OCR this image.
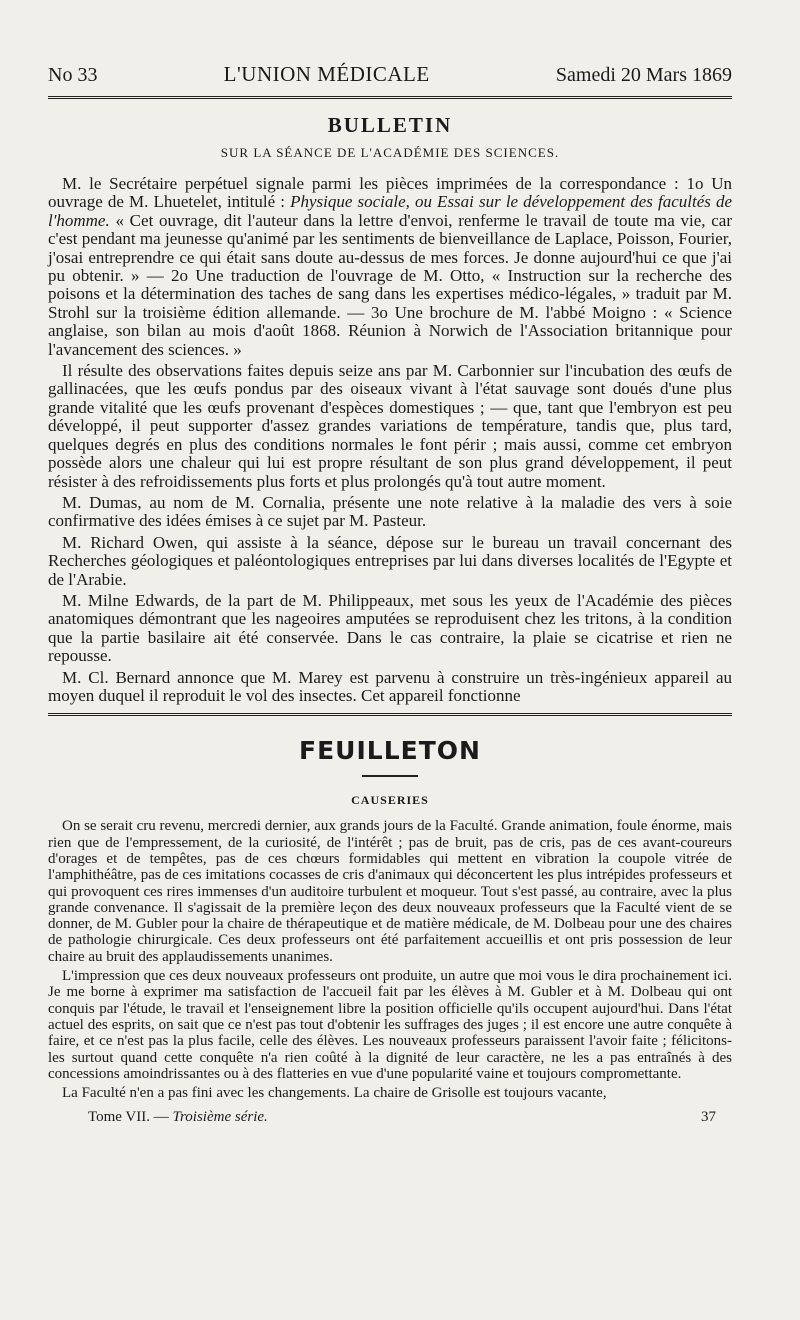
No 33	L'UNION MÉDICALE	Samedi 20 Mars 1869
BULLETIN
SUR LA SÉANCE DE L'ACADÉMIE DES SCIENCES.

M. le Secrétaire perpétuel signale parmi les pièces imprimées de la correspondance : 1o Un ouvrage de M. Lhuetelet, intitulé : Physique sociale, ou Essai sur le développement des facultés de l'homme. « Cet ouvrage, dit l'auteur dans la lettre d'envoi, renferme le travail de toute ma vie, car c'est pendant ma jeunesse qu'animé par les sentiments de bienveillance de Laplace, Poisson, Fourier, j'osai entreprendre ce qui était sans doute au-dessus de mes forces. Je donne aujourd'hui ce que j'ai pu obtenir. » — 2o Une traduction de l'ouvrage de M. Otto, « Instruction sur la recherche des poisons et la détermination des taches de sang dans les expertises médico-légales, » traduit par M. Strohl sur la troisième édition allemande. — 3o Une brochure de M. l'abbé Moigno : « Science anglaise, son bilan au mois d'août 1868. Réunion à Norwich de l'Association britannique pour l'avancement des sciences. »

Il résulte des observations faites depuis seize ans par M. Carbonnier sur l'incubation des œufs de gallinacées, que les œufs pondus par des oiseaux vivant à l'état sauvage sont doués d'une plus grande vitalité que les œufs provenant d'espèces domestiques ; — que, tant que l'embryon est peu développé, il peut supporter d'assez grandes variations de température, tandis que, plus tard, quelques degrés en plus des conditions normales le font périr ; mais aussi, comme cet embryon possède alors une chaleur qui lui est propre résultant de son plus grand développement, il peut résister à des refroidissements plus forts et plus prolongés qu'à tout autre moment.

M. Dumas, au nom de M. Cornalia, présente une note relative à la maladie des vers à soie confirmative des idées émises à ce sujet par M. Pasteur.

M. Richard Owen, qui assiste à la séance, dépose sur le bureau un travail concernant des Recherches géologiques et paléontologiques entreprises par lui dans diverses localités de l'Egypte et de l'Arabie.

M. Milne Edwards, de la part de M. Philippeaux, met sous les yeux de l'Académie des pièces anatomiques démontrant que les nageoires amputées se reproduisent chez les tritons, à la condition que la partie basilaire ait été conservée. Dans le cas contraire, la plaie se cicatrise et rien ne repousse.

M. Cl. Bernard annonce que M. Marey est parvenu à construire un très-ingénieux appareil au moyen duquel il reproduit le vol des insectes. Cet appareil fonctionne

FEUILLETON
CAUSERIES

On se serait cru revenu, mercredi dernier, aux grands jours de la Faculté. Grande animation, foule énorme, mais rien que de l'empressement, de la curiosité, de l'intérêt ; pas de bruit, pas de cris, pas de ces avant-coureurs d'orages et de tempêtes, pas de ces chœurs formidables qui mettent en vibration la coupole vitrée de l'amphithéâtre, pas de ces imitations cocasses de cris d'animaux qui déconcertent les plus intrépides professeurs et qui provoquent ces rires immenses d'un auditoire turbulent et moqueur. Tout s'est passé, au contraire, avec la plus grande convenance. Il s'agissait de la première leçon des deux nouveaux professeurs que la Faculté vient de se donner, de M. Gubler pour la chaire de thérapeutique et de matière médicale, de M. Dolbeau pour une des chaires de pathologie chirurgicale. Ces deux professeurs ont été parfaitement accueillis et ont pris possession de leur chaire au bruit des applaudissements unanimes.

L'impression que ces deux nouveaux professeurs ont produite, un autre que moi vous le dira prochainement ici. Je me borne à exprimer ma satisfaction de l'accueil fait par les élèves à M. Gubler et à M. Dolbeau qui ont conquis par l'étude, le travail et l'enseignement libre la position officielle qu'ils occupent aujourd'hui. Dans l'état actuel des esprits, on sait que ce n'est pas tout d'obtenir les suffrages des juges ; il est encore une autre conquête à faire, et ce n'est pas la plus facile, celle des élèves. Les nouveaux professeurs paraissent l'avoir faite ; félicitons-les surtout quand cette conquête n'a rien coûté à la dignité de leur caractère, ne les a pas entraînés à des concessions amoindrissantes ou à des flatteries en vue d'une popularité vaine et toujours compromettante.

La Faculté n'en a pas fini avec les changements. La chaire de Grisolle est toujours vacante,

Tome VII. — Troisième série.	37
